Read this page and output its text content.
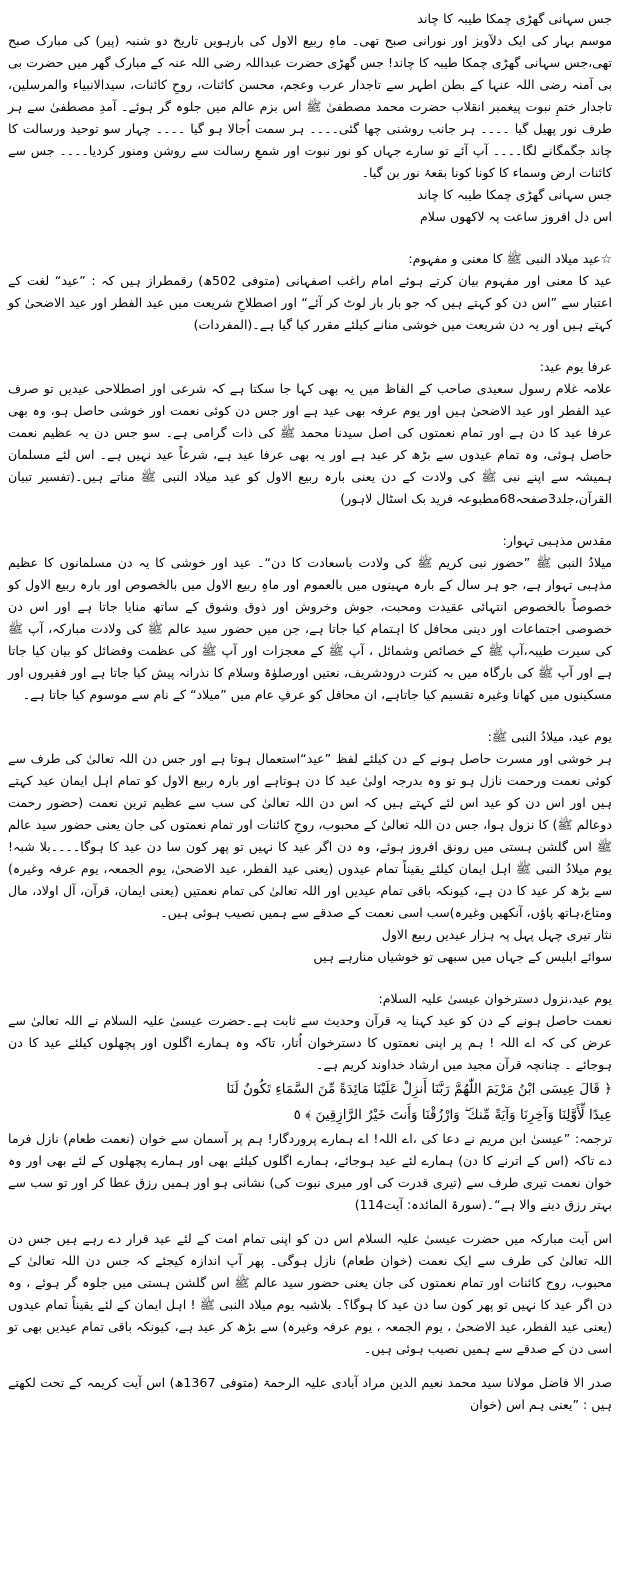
جس سہانی گھڑی چمکا طیبہ کا چاند

موسم بہار کی ایک دلآویز اور نورانی صبح تھی۔ ماہِ ربیع الاول کی بارہویں تاریخ دو شنبہ (پیر) کی مبارک صبح تھی،جس سہانی گھڑی چمکا طیبہ کا چاند! جس گھڑی حضرت عبداللہ رضی اللہ عنہ کے مبارک گھر میں حضرت بی بی آمنہ رضی اللہ عنہا کے بطن اطہر سے تاجدار عرب وعجم، محسن کائنات، روحِ کائنات، سیدالانبیاء والمرسلین، تاجدار ختمِ نبوت پیغمبر انقلاب حضرت محمد مصطفیٰ ﷺ اس بزم عالم میں جلوہ گر ہوئے۔ آمدِ مصطفیٰ سے ہر طرف نور پھیل گیا ۔۔۔۔ ہر جانب روشنی چھا گئی۔۔۔۔ ہر سمت اُجالا ہو گیا ۔۔۔۔ چہار سو توحید ورسالت کا چاند جگمگانے لگا۔۔۔۔ آپ آئے تو سارے جہاں کو نور نبوت اور شمعِ رسالت سے روشن ومنور کردیا۔۔۔۔ جس سے کائنات ارض وسماء کا کونا کونا بقعۂ نور بن گیا۔

جس سہانی گھڑی چمکا طیبہ کا چاند

اس دل افروز ساعت پہ لاکھوں سلام

☆عید میلاد النبی ﷺ کا معنی و مفہوم:

عید کا معنی اور مفہوم بیان کرتے ہوئے امام راغب اصفہانی (متوفی 502ھ) رقمطراز ہیں کہ : ”عید“ لغت کے اعتبار سے ”اس دن کو کہتے ہیں کہ جو بار بار لوٹ کر آئے“ اور اصطلاحِ شریعت میں عید الفطر اور عید الاضحیٰ کو کہتے ہیں اور یہ دن شریعت میں خوشی منانے کیلئے مقرر کیا گیا ہے۔(المفردات)

عرفا یوم عید:

علامہ غلام رسول سعیدی صاحب کے الفاظ میں یہ بھی کہا جا سکتا ہے کہ شرعی اور اصطلاحی عیدیں تو صرف عید الفطر اور عید الاضحیٰ ہیں اور یوم عرفہ بھی عید ہے اور جس دن کوئی نعمت اور خوشی حاصل ہو، وہ بھی عرفا عید کا دن ہے اور تمام نعمتوں کی اصل سیدنا محمد ﷺ کی ذات گرامی ہے۔ سو جس دن یہ عظیم نعمت حاصل ہوئی، وہ تمام عیدوں سے بڑھ کر عید ہے اور یہ بھی عرفا عید ہے، شرعاً عید نہیں ہے۔ اس لئے مسلمان ہمیشہ سے اپنے نبی ﷺ کی ولادت کے دن یعنی بارہ ربیع الاول کو عید میلاد النبی ﷺ مناتے ہیں۔(تفسیر تبیان القرآن،جلد3صفحہ68مطبوعہ فرید بک اسٹال لاہور)

مقدس مذہبی تہوار:

میلادُ النبی ﷺ ”حضور نبی کریم ﷺ کی ولادت باسعادت کا دن“۔ عید اور خوشی کا یہ دن مسلمانوں کا عظیم مذہبی تہوار ہے، جو ہر سال کے بارہ مہینوں میں بالعموم اور ماہِ ربیع الاول میں بالخصوص اور بارہ ربیع الاول کو خصوصاً بالخصوص انتہائی عقیدت ومحبت، جوش وخروش اور ذوق وشوق کے ساتھ منایا جاتا ہے اور اس دن خصوصی اجتماعات اور دینی محافل کا اہتمام کیا جاتا ہے، جن میں حضور سید عالم ﷺ کی ولادت مبارکہ، آپ ﷺ کی سیرت طیبہ،آپ ﷺ کے خصائص وشمائل ، آپ ﷺ کے معجزات اور آپ ﷺ کی عظمت وفضائل کو بیان کیا جاتا ہے اور آپ ﷺ کی بارگاہ میں بہ کثرت درودشریف، نعتیں اورصلوٰۃ وسلام کا نذرانہ پیش کیا جاتا ہے اور فقیروں اور مسکینوں میں کھانا وغیرہ تقسیم کیا جاتاہے، ان محافل کو عرفِ عام میں ”میلاد“ کے نام سے موسوم کیا جاتا ہے۔

یوم عید، میلادُ النبی ﷺ:

ہر خوشی اور مسرت حاصل ہونے کے دن کیلئے لفظ ”عید“استعمال ہوتا ہے اور جس دن اللہ تعالیٰ کی طرف سے کوئی نعمت ورحمت نازل ہو تو وہ بدرجہ اولیٰ عید کا دن ہوتاہے اور بارہ ربیع الاول کو تمام اہل ایمان عید کہتے ہیں اور اس دن کو عید اس لئے کہتے ہیں کہ اس دن اللہ تعالیٰ کی سب سے عظیم ترین نعمت (حضور رحمت دوعالم ﷺ) کا نزول ہوا، جس دن اللہ تعالیٰ کے محبوب، روحِ کائنات اور تمام نعمتوں کی جان یعنی حضور سید عالم ﷺ اس گلشن ہستی میں رونق افروز ہوئے، وہ دن اگر عید کا نہیں تو پھر کون سا دن عید کا ہوگا۔۔۔۔بلا شبہ! یوم میلادُ النبی ﷺ اہل ایمان کیلئے یقیناً تمام عیدوں (یعنی عید الفطر، عید الاضحیٰ، یوم الجمعہ، یوم عرفہ وغیرہ) سے بڑھ کر عید کا دن ہے، کیونکہ باقی تمام عیدیں اور اللہ تعالیٰ کی تمام نعمتیں (یعنی ایمان، قرآن، آل اولاد، مال ومتاع،ہاتھ پاؤں، آنکھیں وغیرہ)سب اسی نعمت کے صدقے سے ہمیں نصیب ہوئی ہیں۔

نثار تیری چہل پہل پہ ہزار عیدیں ربیع الاول

سوائے ابلیس کے جہاں میں سبھی تو خوشیاں منارہے ہیں

یوم عید،نزول دسترخوان عیسیٰ علیہ السلام:

نعمت حاصل ہونے کے دن کو عید کہنا یہ قرآن وحدیث سے ثابت ہے۔حضرت عیسیٰ علیہ السلام نے اللہ تعالیٰ سے عرض کی کہ اے اللہ ! ہم پر اپنی نعمتوں کا دسترخوان اُتار، تاکہ وہ ہمارے اگلوں اور پچھلوں کیلئے عید کا دن ہوجائے ۔ چنانچہ قرآن مجید میں ارشاد خداوند کریم ہے۔

﴿ قَالَ عِيسَى ابْنُ مَرْيَمَ اللّٰهُمَّ رَبَّنَا أَنزِلْ عَلَيْنَا مَائِدَةً مِّنَ السَّمَاءِ تَكُونُ لَنَا

عِيدًا لِّأَوَّلِنَا وَآخِرِنَا وَآيَةً مِّنكَ ۖ وَارْزُقْنَا وَأَنتَ خَيْرُ الرَّازِقِينَ ﴾ ٥

ترجمہ: ”عیسیٰ ابن مریم نے دعا کی ،اے اللہ! اے ہمارے پروردگار! ہم پر آسمان سے خوان (نعمت طعام) نازل فرما دے تاکہ (اس کے اترنے کا دن) ہمارے لئے عید ہوجائے، ہمارے اگلوں کیلئے بھی اور ہمارے پچھلوں کے لئے بھی اور وہ خوان نعمت تیری طرف سے (تیری قدرت کی اور میری نبوت کی) نشانی ہو اور ہمیں رزق عطا کر اور تو سب سے بہتر رزق دینے والا ہے“۔(سورۃ المائدہ: آیت114)

اس آیت مبارکہ میں حضرت عیسیٰ علیہ السلام اس دن کو اپنی تمام امت کے لئے عید قرار دے رہے ہیں جس دن اللہ تعالیٰ کی طرف سے ایک نعمت (خوان طعام) نازل ہوگی۔ پھر آپ اندازہ کیجئے کہ جس دن اللہ تعالیٰ کے محبوب، روح کائنات اور تمام نعمتوں کی جان یعنی حضور سید عالم ﷺ اس گلشن ہستی میں جلوہ گر ہوئے ، وہ دن اگر عید کا نہیں تو پھر کون سا دن عید کا ہوگا؟۔ بلاشبہ یوم میلاد النبی ﷺ ! اہل ایمان کے لئے یقیناً تمام عیدوں (یعنی عید الفطر، عید الاضحیٰ ، یوم الجمعہ ، یوم عرفہ وغیرہ) سے بڑھ کر عید ہے، کیونکہ باقی تمام عیدیں بھی تو اسی دن کے صدقے سے ہمیں نصیب ہوئی ہیں۔

صدر الا فاضل مولانا سید محمد نعیم الدین مراد آبادی علیہ الرحمۃ (متوفی 1367ھ) اس آیت کریمہ کے تحت لکھتے ہیں : ”یعنی ہم اس (خوان
